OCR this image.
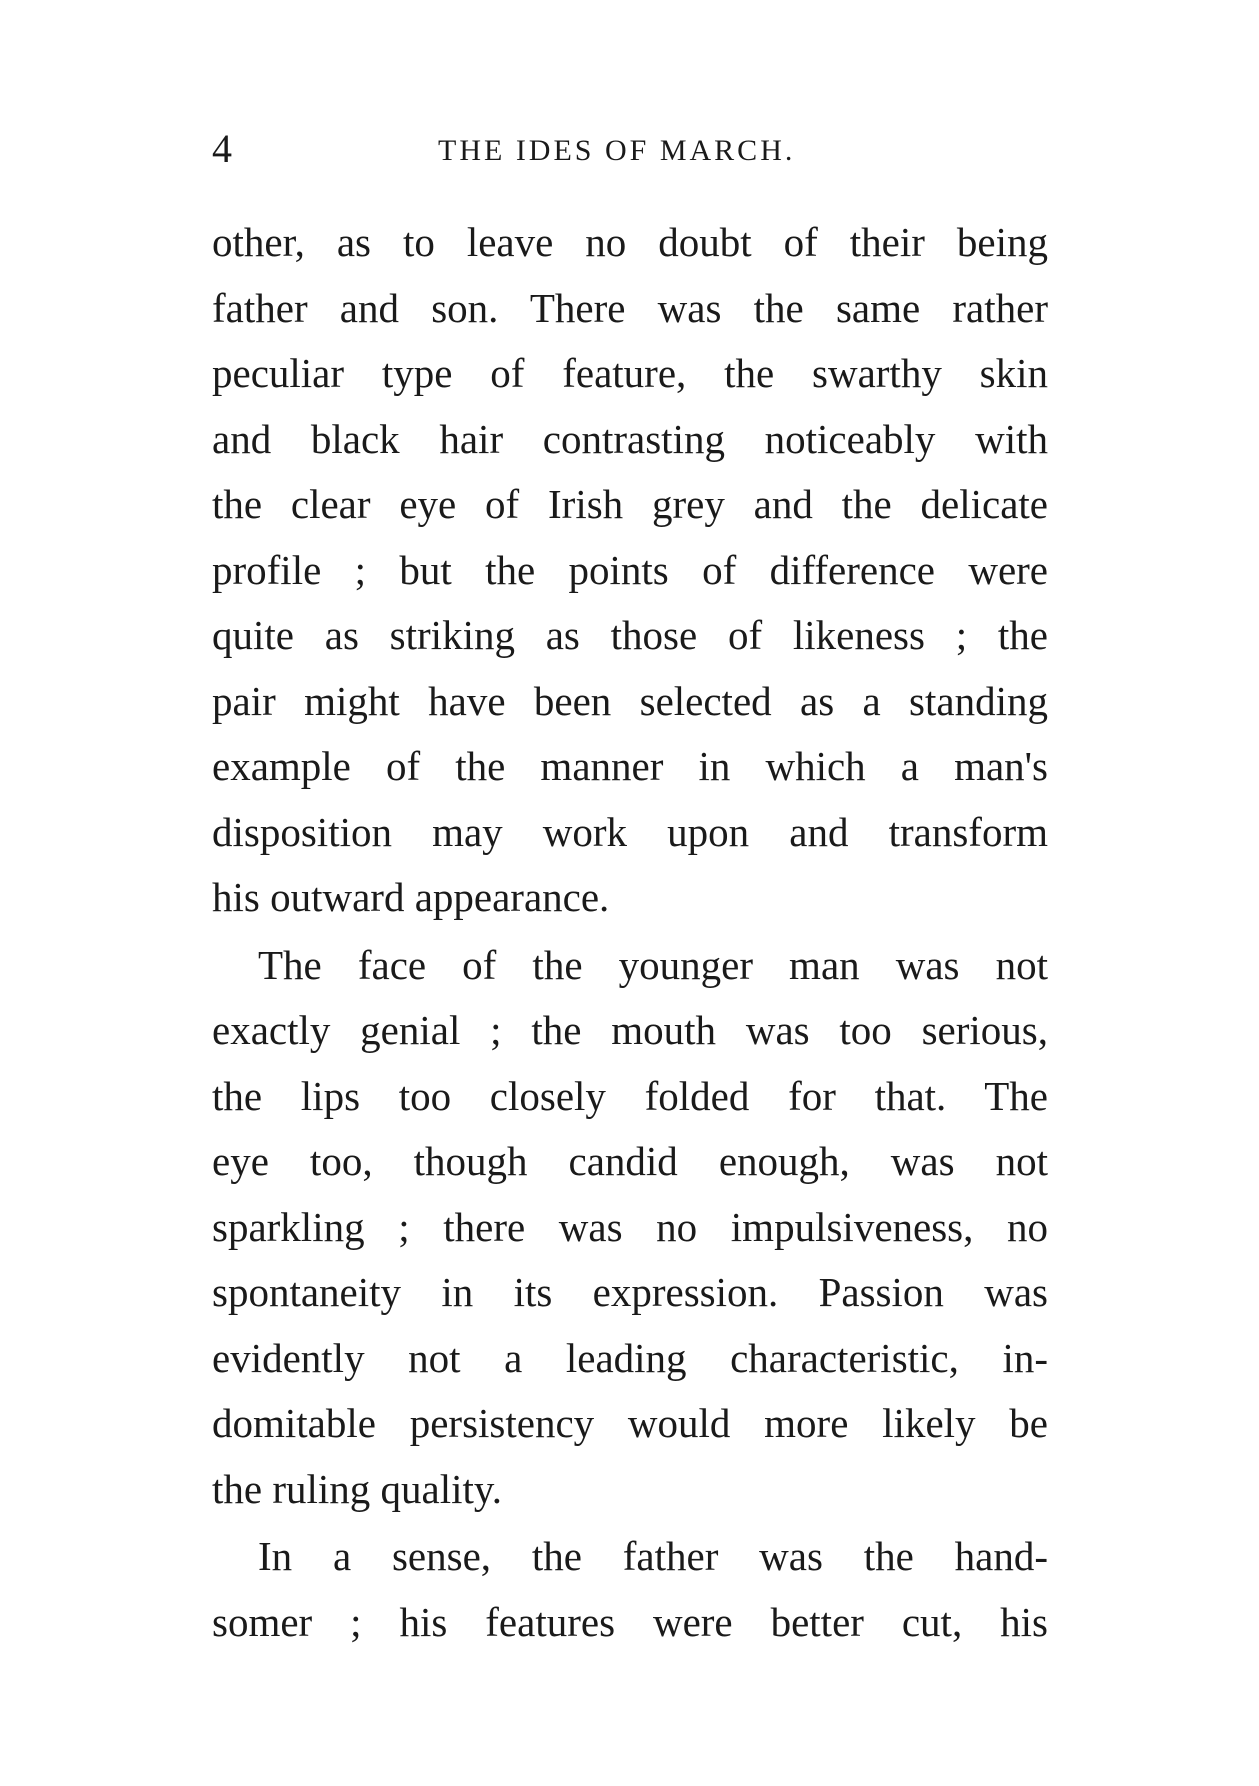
4	THE IDES OF MARCH.
other, as to leave no doubt of their being
father and son. There was the same rather
peculiar type of feature, the swarthy skin
and black hair contrasting noticeably with
the clear eye of Irish grey and the delicate
profile ; but the points of difference were
quite as striking as those of likeness ; the
pair might have been selected as a standing
example of the manner in which a man's
disposition may work upon and transform
his outward appearance.
The face of the younger man was not
exactly genial ; the mouth was too serious,
the lips too closely folded for that. The
eye too, though candid enough, was not
sparkling ; there was no impulsiveness, no
spontaneity in its expression. Passion was
evidently not a leading characteristic, in-
domitable persistency would more likely be
the ruling quality.
In a sense, the father was the hand-
somer ; his features were better cut, his
